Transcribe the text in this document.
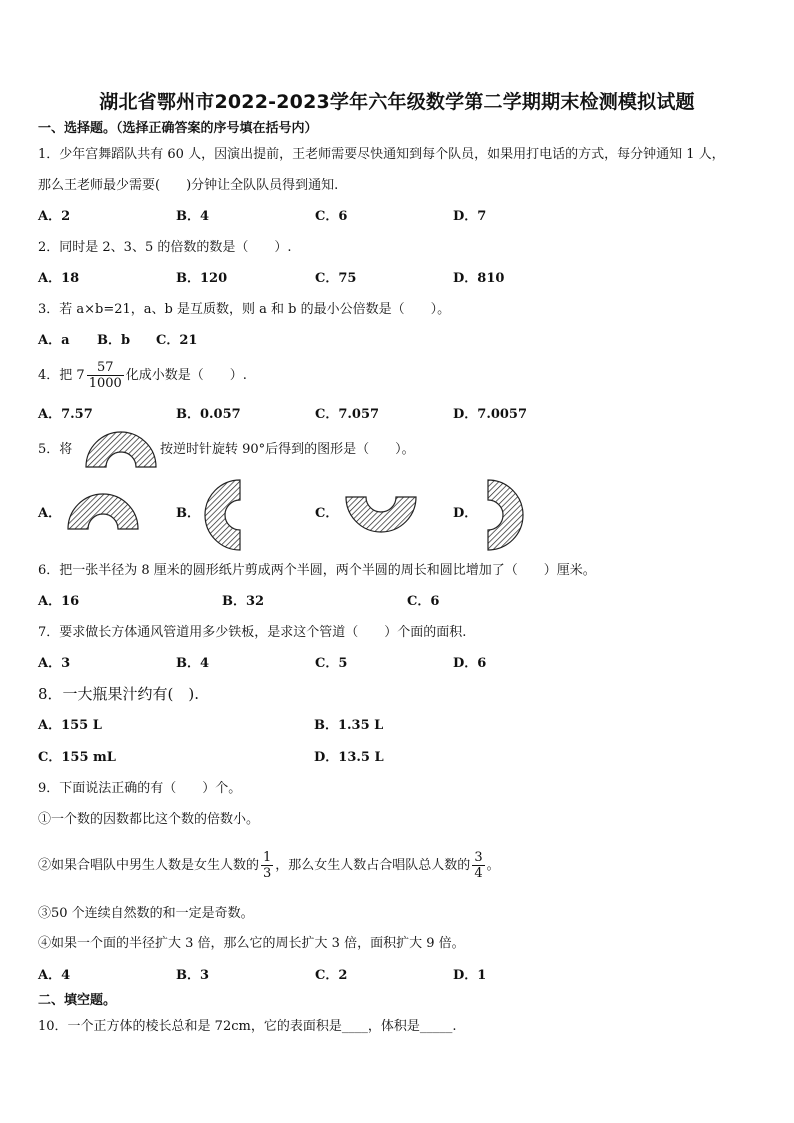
湖北省鄂州市2022-2023学年六年级数学第二学期期末检测模拟试题
一、选择题。（选择正确答案的序号填在括号内）
1．少年宫舞蹈队共有 60 人，因演出提前，王老师需要尽快通知到每个队员，如果用打电话的方式，每分钟通知 1 人，
那么王老师最少需要(　　)分钟让全队队员得到通知.
A．2	B．4	C．6	D．7
2．同时是 2、3、5 的倍数的数是（　　）.
A．18	B．120	C．75	D．810
3．若 a×b=21，a、b 是互质数，则 a 和 b 的最小公倍数是（　　）。
A．a B．b C．21
4．把 $7 \frac{57}{1000}$ 化成小数是（　　）.
A．7.57	B．0.057	C．7.057	D．7.0057
5．将	按逆时针旋转 90°后得到的图形是（　　）。
A．	B．	C．	D．
6．把一张半径为 8 厘米的圆形纸片剪成两个半圆，两个半圆的周长和圆比增加了（　　）厘米。
A．16	B．32	C．6
7．要求做长方体通风管道用多少铁板，是求这个管道（　　）个面的面积.
A．3	B．4	C．5	D．6
8．一大瓶果汁约有(　).
A．155 L	B．1.35 L
C．155 mL	D．13.5 L
9．下面说法正确的有（　　）个。
①一个数的因数都比这个数的倍数小。
②如果合唱队中男生人数是女生人数的 $\frac{1}{3}$ ，那么女生人数占合唱队总人数的 $\frac{3}{4}$ 。
③50 个连续自然数的和一定是奇数。
④如果一个面的半径扩大 3 倍，那么它的周长扩大 3 倍，面积扩大 9 倍。
A．4	B．3	C．2	D．1
二、填空题。
10．一个正方体的棱长总和是 72cm，它的表面积是____，体积是_____.
